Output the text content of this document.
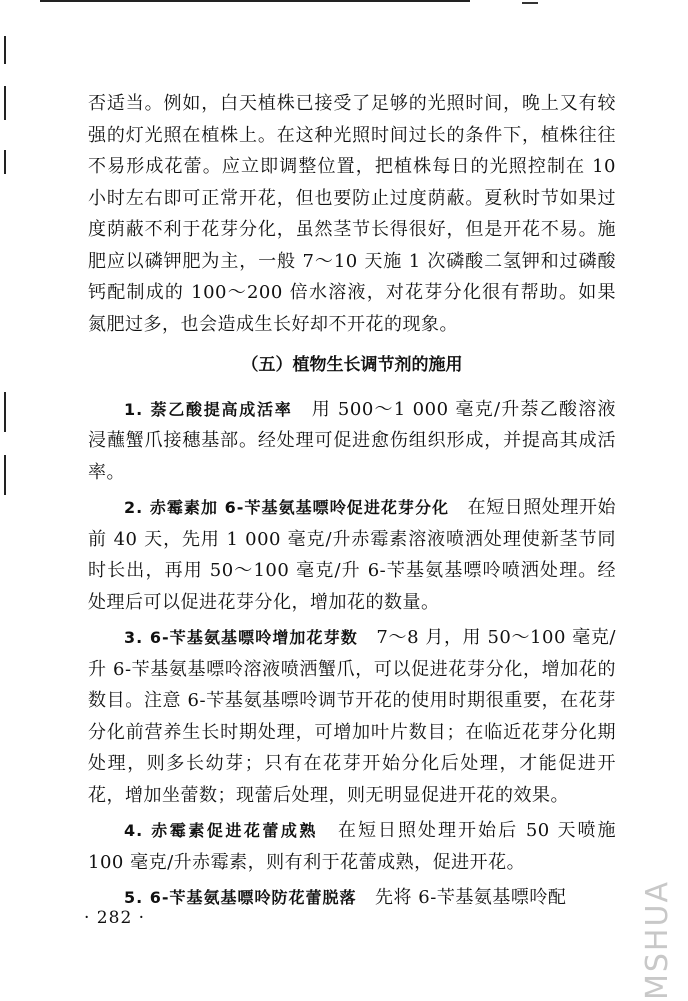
否适当。例如，白天植株已接受了足够的光照时间，晚上又有较强的灯光照在植株上。在这种光照时间过长的条件下，植株往往不易形成花蕾。应立即调整位置，把植株每日的光照控制在 10 小时左右即可正常开花，但也要防止过度荫蔽。夏秋时节如果过度荫蔽不利于花芽分化，虽然茎节长得很好，但是开花不易。施肥应以磷钾肥为主，一般 7～10 天施 1 次磷酸二氢钾和过磷酸钙配制成的 100～200 倍水溶液，对花芽分化很有帮助。如果氮肥过多，也会造成生长好却不开花的现象。

（五）植物生长调节剂的施用

1. 萘乙酸提高成活率　用 500～1 000 毫克/升萘乙酸溶液浸蘸蟹爪接穗基部。经处理可促进愈伤组织形成，并提高其成活率。

2. 赤霉素加 6-苄基氨基嘌呤促进花芽分化　在短日照处理开始前 40 天，先用 1 000 毫克/升赤霉素溶液喷洒处理使新茎节同时长出，再用 50～100 毫克/升 6-苄基氨基嘌呤喷洒处理。经处理后可以促进花芽分化，增加花的数量。

3. 6-苄基氨基嘌呤增加花芽数　7～8 月，用 50～100 毫克/升 6-苄基氨基嘌呤溶液喷洒蟹爪，可以促进花芽分化，增加花的数目。注意 6-苄基氨基嘌呤调节开花的使用时期很重要，在花芽分化前营养生长时期处理，可增加叶片数目；在临近花芽分化期处理，则多长幼芽；只有在花芽开始分化后处理，才能促进开花，增加坐蕾数；现蕾后处理，则无明显促进开花的效果。

4. 赤霉素促进花蕾成熟　在短日照处理开始后 50 天喷施 100 毫克/升赤霉素，则有利于花蕾成熟，促进开花。

5. 6-苄基氨基嘌呤防花蕾脱落　先将 6-苄基氨基嘌呤配

· 282 ·	MSHUA
